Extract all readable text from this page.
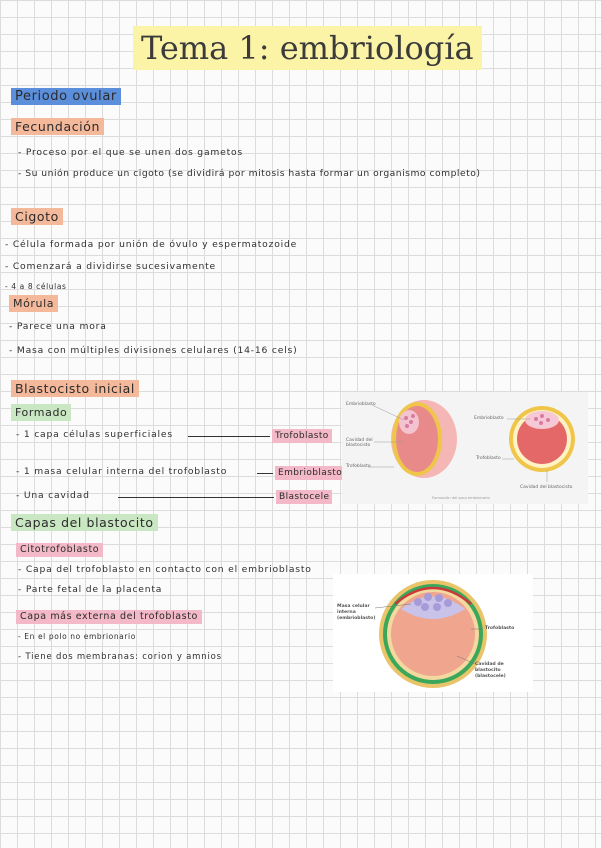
Tema 1: embriología
Periodo ovular
Fecundación
- Proceso por el que se unen dos gametos
- Su unión produce un cigoto (se dividirá por mitosis hasta formar un organismo completo)
Cigoto
- Célula formada por unión de óvulo y espermatozoide
- Comenzará a dividirse sucesivamente
- 4 a 8 células
Mórula
- Parece una mora
- Masa con múltiples divisiones celulares (14-16 cels)
Blastocisto inicial
Formado
- 1 capa células superficiales	Trofoblasto
- 1 masa celular interna del trofoblasto	Embrioblasto
- Una cavidad	Blastocele
Embrioblasto
Cavidad del blastocisto
Trofoblasto
Embrioblasto
Trofoblasto
Cavidad del blastocisto
Formación del saco embrionario
Capas del blastocito
Citotrofoblasto
- Capa del trofoblasto en contacto con el embrioblasto
- Parte fetal de la placenta
Capa más externa del trofoblasto
- En el polo no embrionario
- Tiene dos membranas: corion y amnios
Masa celular interna (embrioblasto)
Trofoblasto
Cavidad de blastocito (blastocele)
